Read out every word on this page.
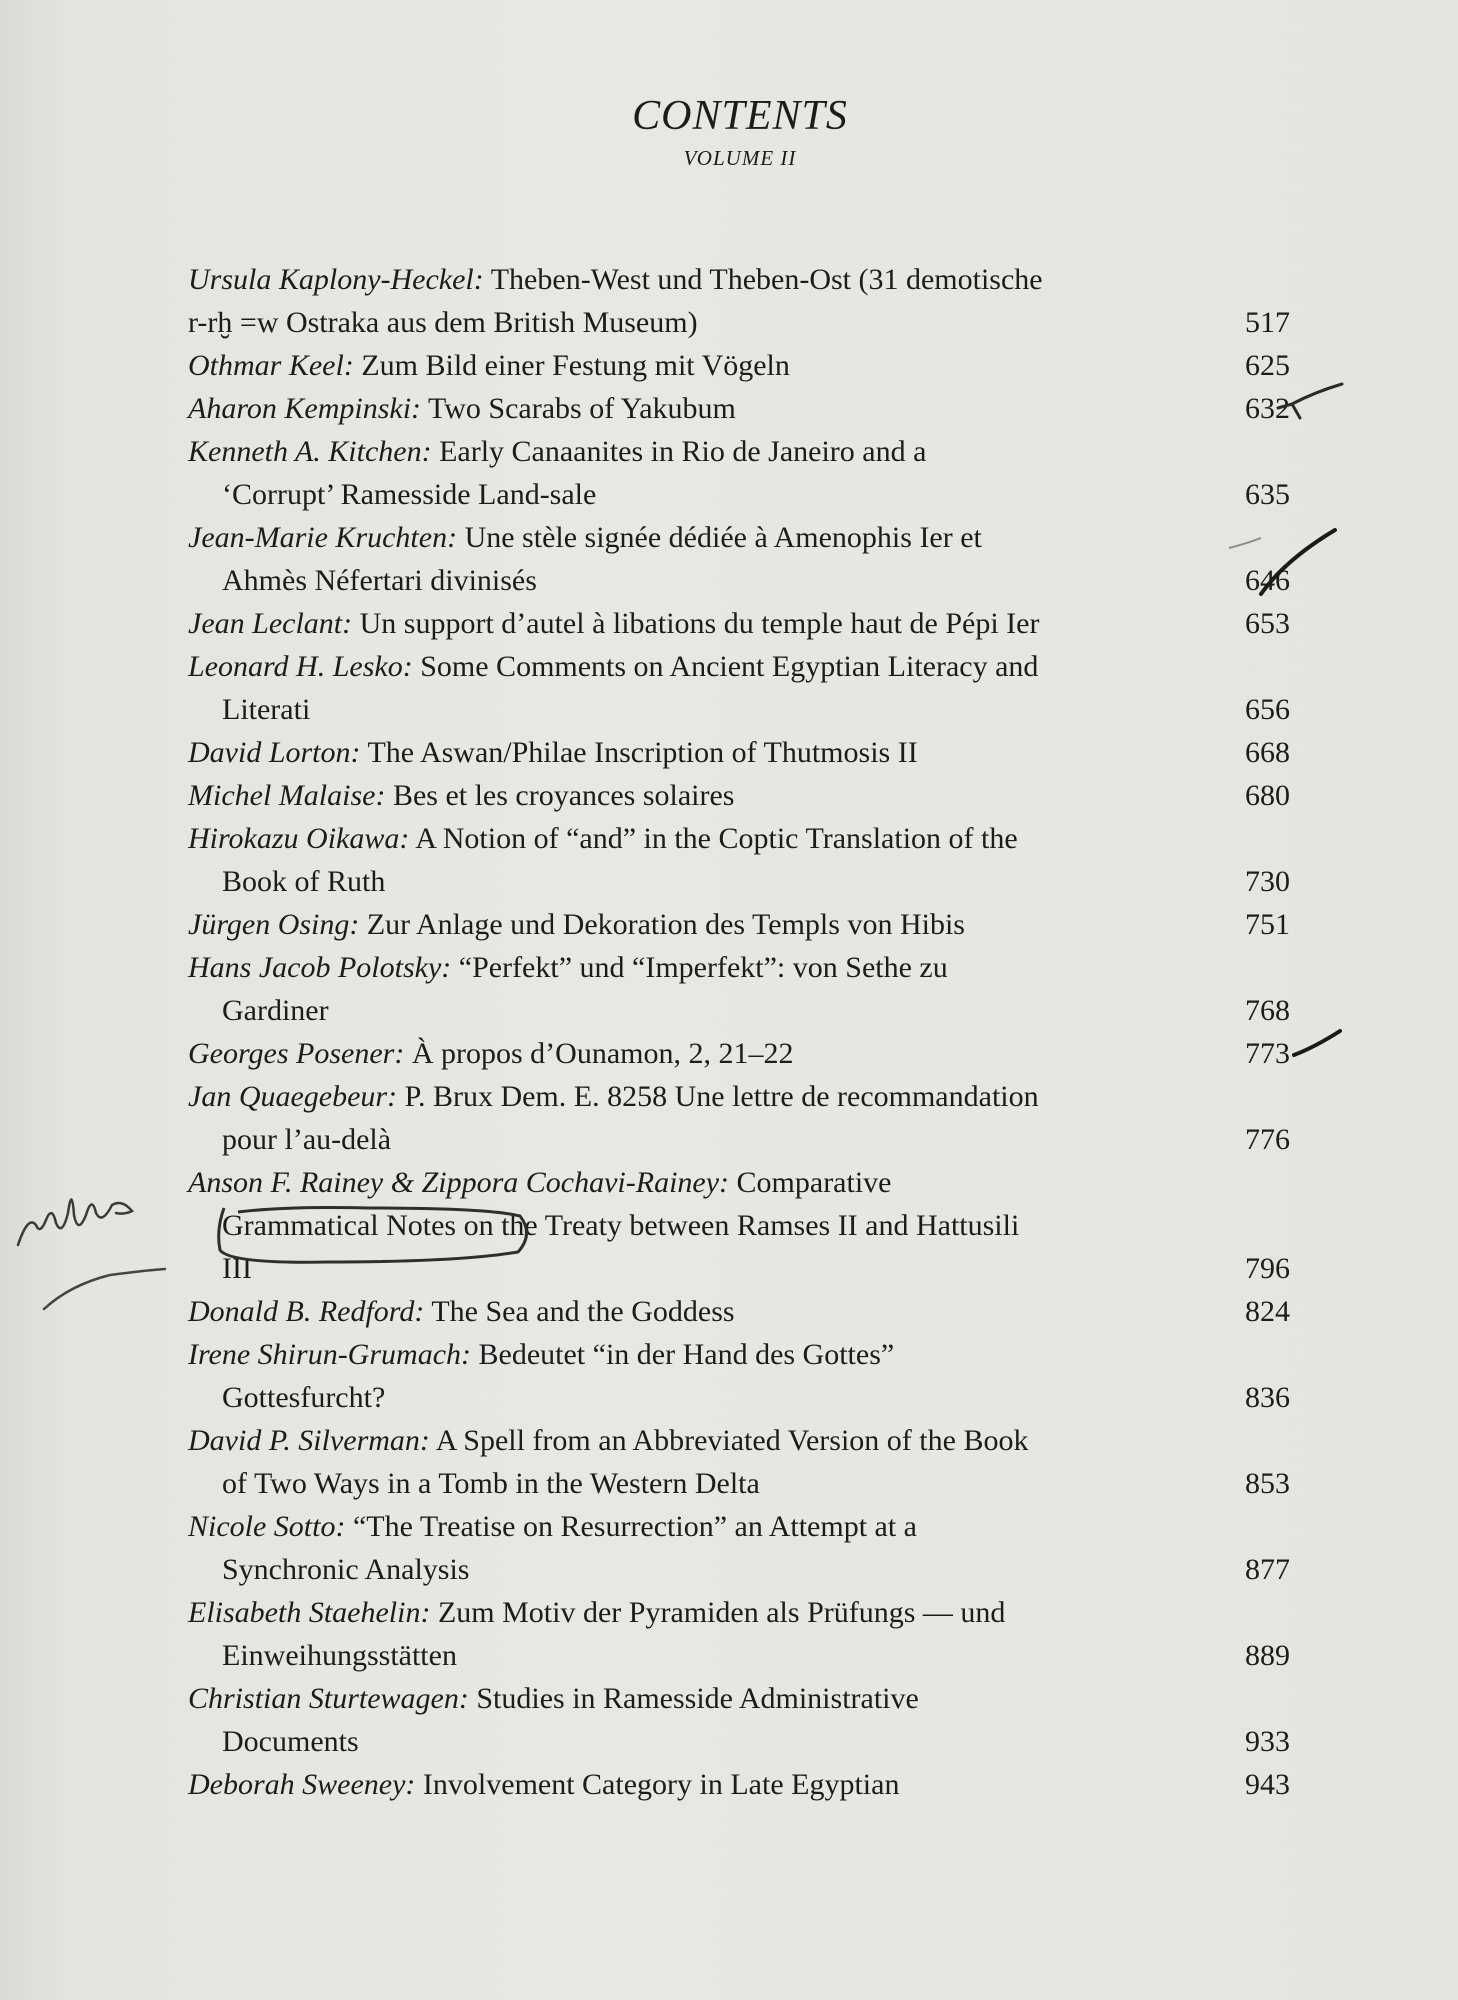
CONTENTS
VOLUME II
Ursula Kaplony-Heckel: Theben-West und Theben-Ost (31 demotische
r-rḫ =w Ostraka aus dem British Museum)	517
Othmar Keel: Zum Bild einer Festung mit Vögeln	625
Aharon Kempinski: Two Scarabs of Yakubum	632
Kenneth A. Kitchen: Early Canaanites in Rio de Janeiro and a
‘Corrupt’ Ramesside Land-sale	635
Jean-Marie Kruchten: Une stèle signée dédiée à Amenophis Ier et
Ahmès Néfertari divinisés	646
Jean Leclant: Un support d’autel à libations du temple haut de Pépi Ier	653
Leonard H. Lesko: Some Comments on Ancient Egyptian Literacy and
Literati	656
David Lorton: The Aswan/Philae Inscription of Thutmosis II	668
Michel Malaise: Bes et les croyances solaires	680
Hirokazu Oikawa: A Notion of “and” in the Coptic Translation of the
Book of Ruth	730
Jürgen Osing: Zur Anlage und Dekoration des Templs von Hibis	751
Hans Jacob Polotsky: “Perfekt” und “Imperfekt”: von Sethe zu
Gardiner	768
Georges Posener: À propos d’Ounamon, 2, 21–22	773
Jan Quaegebeur: P. Brux Dem. E. 8258 Une lettre de recommandation
pour l’au-delà	776
Anson F. Rainey & Zippora Cochavi-Rainey: Comparative
Grammatical Notes on the Treaty between Ramses II and Hattusili
III	796
Donald B. Redford: The Sea and the Goddess	824
Irene Shirun-Grumach: Bedeutet “in der Hand des Gottes”
Gottesfurcht?	836
David P. Silverman: A Spell from an Abbreviated Version of the Book
of Two Ways in a Tomb in the Western Delta	853
Nicole Sotto: “The Treatise on Resurrection” an Attempt at a
Synchronic Analysis	877
Elisabeth Staehelin: Zum Motiv der Pyramiden als Prüfungs — und
Einweihungsstätten	889
Christian Sturtewagen: Studies in Ramesside Administrative
Documents	933
Deborah Sweeney: Involvement Category in Late Egyptian	943
